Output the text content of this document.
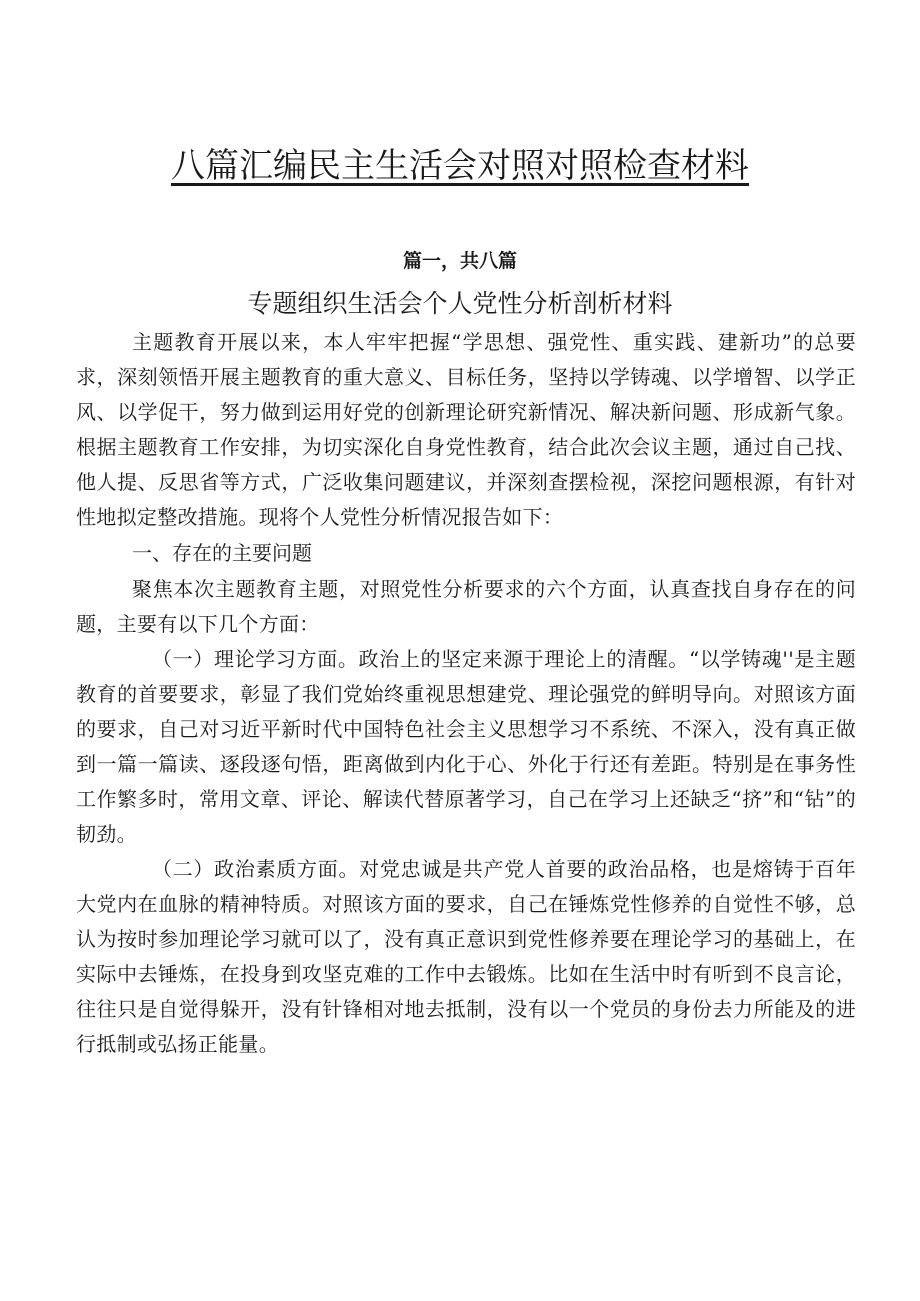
八篇汇编民主生活会对照对照检查材料
篇一，共八篇
专题组织生活会个人党性分析剖析材料

主题教育开展以来，本人牢牢把握“学思想、强党性、重实践、建新功”的总要求，深刻领悟开展主题教育的重大意义、目标任务，坚持以学铸魂、以学增智、以学正风、以学促干，努力做到运用好党的创新理论研究新情况、解决新问题、形成新气象。根据主题教育工作安排，为切实深化自身党性教育，结合此次会议主题，通过自己找、他人提、反思省等方式，广泛收集问题建议，并深刻查摆检视，深挖问题根源，有针对性地拟定整改措施。现将个人党性分析情况报告如下：

一、存在的主要问题

聚焦本次主题教育主题，对照党性分析要求的六个方面，认真查找自身存在的问题，主要有以下几个方面：

（一）理论学习方面。政治上的坚定来源于理论上的清醒。“以学铸魂''是主题教育的首要要求，彰显了我们党始终重视思想建党、理论强党的鲜明导向。对照该方面的要求，自己对习近平新时代中国特色社会主义思想学习不系统、不深入，没有真正做到一篇一篇读、逐段逐句悟，距离做到内化于心、外化于行还有差距。特别是在事务性工作繁多时，常用文章、评论、解读代替原著学习，自己在学习上还缺乏“挤”和“钻”的韧劲。

（二）政治素质方面。对党忠诚是共产党人首要的政治品格，也是熔铸于百年大党内在血脉的精神特质。对照该方面的要求，自己在锤炼党性修养的自觉性不够，总认为按时参加理论学习就可以了，没有真正意识到党性修养要在理论学习的基础上，在实际中去锤炼，在投身到攻坚克难的工作中去锻炼。比如在生活中时有听到不良言论，往往只是自觉得躲开，没有针锋相对地去抵制，没有以一个党员的身份去力所能及的进行抵制或弘扬正能量。
